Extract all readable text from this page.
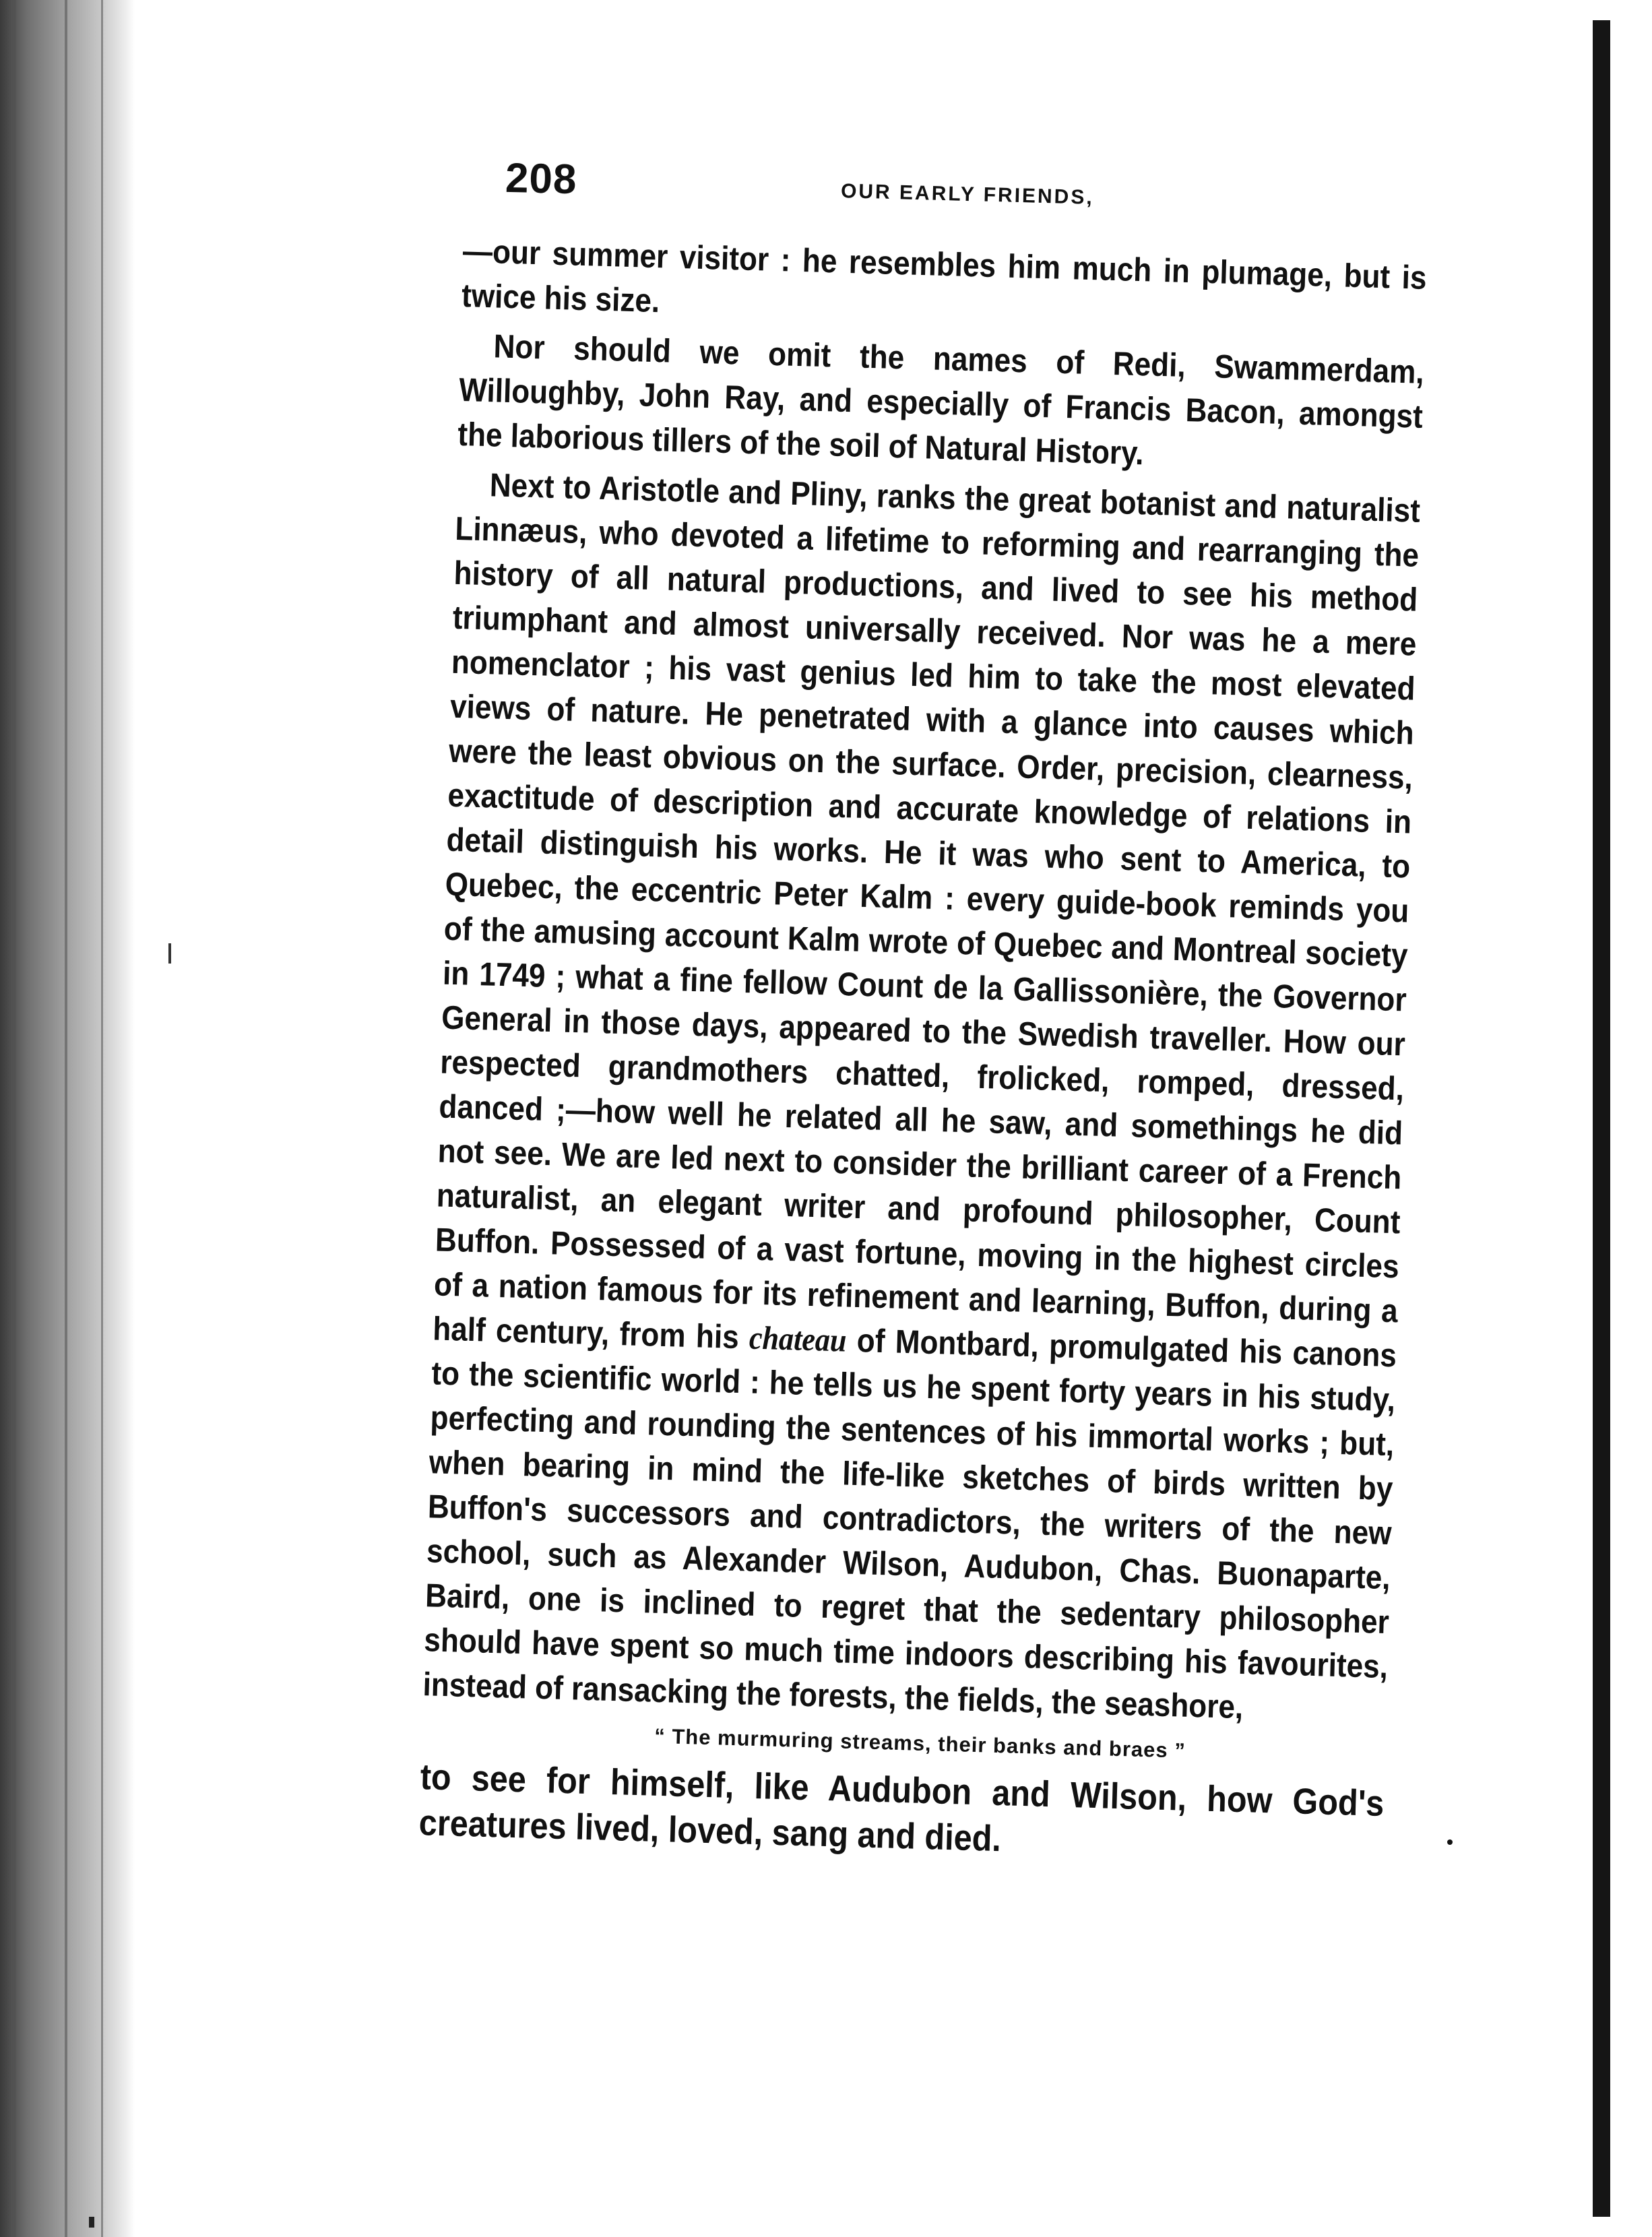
208	OUR EARLY FRIENDS,

—our summer visitor : he resembles him much in plumage, but is twice his size.

Nor should we omit the names of Redi, Swammerdam, Willoughby, John Ray, and especially of Francis Bacon, amongst the laborious tillers of the soil of Natural History.

Next to Aristotle and Pliny, ranks the great botanist and naturalist Linnæus, who devoted a lifetime to reforming and rearranging the history of all natural productions, and lived to see his method triumphant and almost universally received. Nor was he a mere nomenclator ; his vast genius led him to take the most elevated views of nature. He penetrated with a glance into causes which were the least obvious on the surface. Order, precision, clearness, exactitude of description and accurate knowledge of relations in detail distinguish his works. He it was who sent to America, to Quebec, the eccentric Peter Kalm : every guide-book reminds you of the amusing account Kalm wrote of Quebec and Montreal society in 1749 ; what a fine fellow Count de la Gallissonière, the Governor General in those days, appeared to the Swedish traveller. How our respected grandmothers chatted, frolicked, romped, dressed, danced ;—how well he related all he saw, and somethings he did not see. We are led next to consider the brilliant career of a French naturalist, an elegant writer and profound philosopher, Count Buffon. Possessed of a vast fortune, moving in the highest circles of a nation famous for its refinement and learning, Buffon, during a half century, from his chateau of Montbard, promulgated his canons to the scientific world : he tells us he spent forty years in his study, perfecting and rounding the sentences of his immortal works ; but, when bearing in mind the life-like sketches of birds written by Buffon's successors and contradictors, the writers of the new school, such as Alexander Wilson, Audubon, Chas. Buonaparte, Baird, one is inclined to regret that the sedentary philosopher should have spent so much time indoors describing his favourites, instead of ransacking the forests, the fields, the seashore,

“ The murmuring streams, their banks and braes ”

to see for himself, like Audubon and Wilson, how God's creatures lived, loved, sang and died.
